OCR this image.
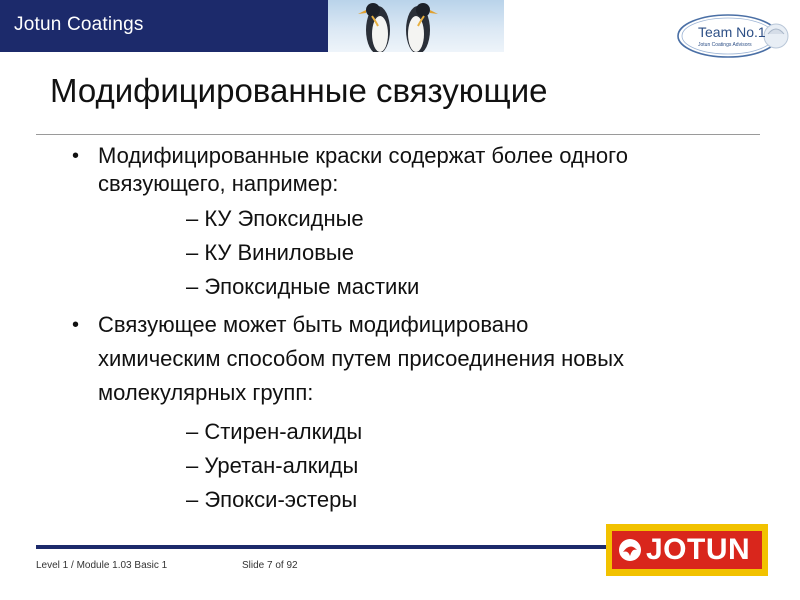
Jotun Coatings	Team No.1
Jotun Coatings Advisors
Модифицированные связующие
• Модифицированные краски содержат более одного
связующего, например:
– КУ Эпоксидные
– КУ Виниловые
– Эпоксидные мастики
• Связующее может быть модифицировано
химическим способом путем присоединения новых
молекулярных групп:
– Стирен-алкиды
– Уретан-алкиды
– Эпокси-эстеры
Level 1 / Module 1.03 Basic 1	Slide 7 of 92	JOTUN
